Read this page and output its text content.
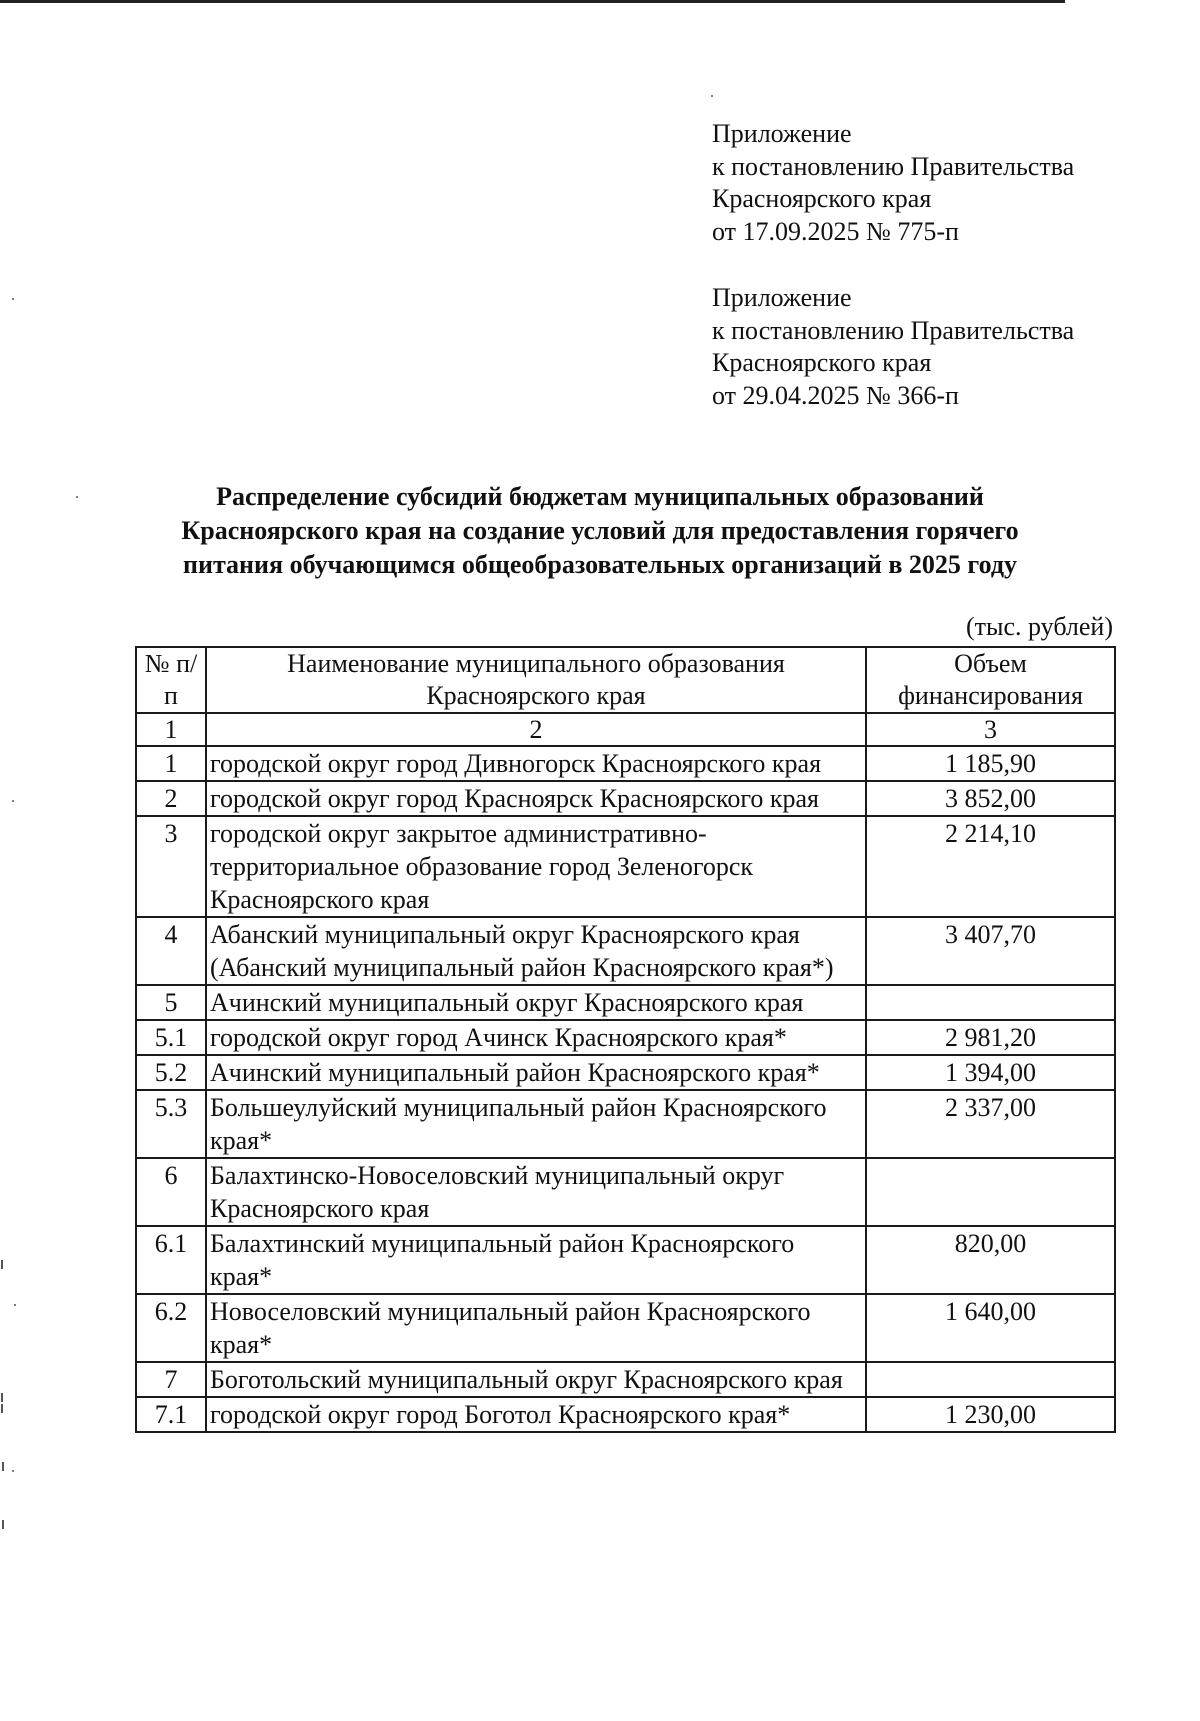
Приложение
к постановлению Правительства
Красноярского края
от 17.09.2025 № 775-п
Приложение
к постановлению Правительства
Красноярского края
от 29.04.2025 № 366-п
Распределение субсидий бюджетам муниципальных образований
Красноярского края на создание условий для предоставления горячего
питания обучающимся общеобразовательных организаций в 2025 году
(тыс. рублей)
№ п/п	Наименование муниципального образования Красноярского края	Объем финансирования
1	2	3
1	городской округ город Дивногорск Красноярского края	1 185,90
2	городской округ город Красноярск Красноярского края	3 852,00
3	городской округ закрытое административно-территориальное образование город Зеленогорск Красноярского края	2 214,10
4	Абанский муниципальный округ Красноярского края (Абанский муниципальный район Красноярского края*)	3 407,70
5	Ачинский муниципальный округ Красноярского края	
5.1	городской округ город Ачинск Красноярского края*	2 981,20
5.2	Ачинский муниципальный район Красноярского края*	1 394,00
5.3	Большеулуйский муниципальный район Красноярского края*	2 337,00
6	Балахтинско-Новоселовский муниципальный округ Красноярского края	
6.1	Балахтинский муниципальный район Красноярского края*	820,00
6.2	Новоселовский муниципальный район Красноярского края*	1 640,00
7	Боготольский муниципальный округ Красноярского края	
7.1	городской округ город Боготол Красноярского края*	1 230,00
